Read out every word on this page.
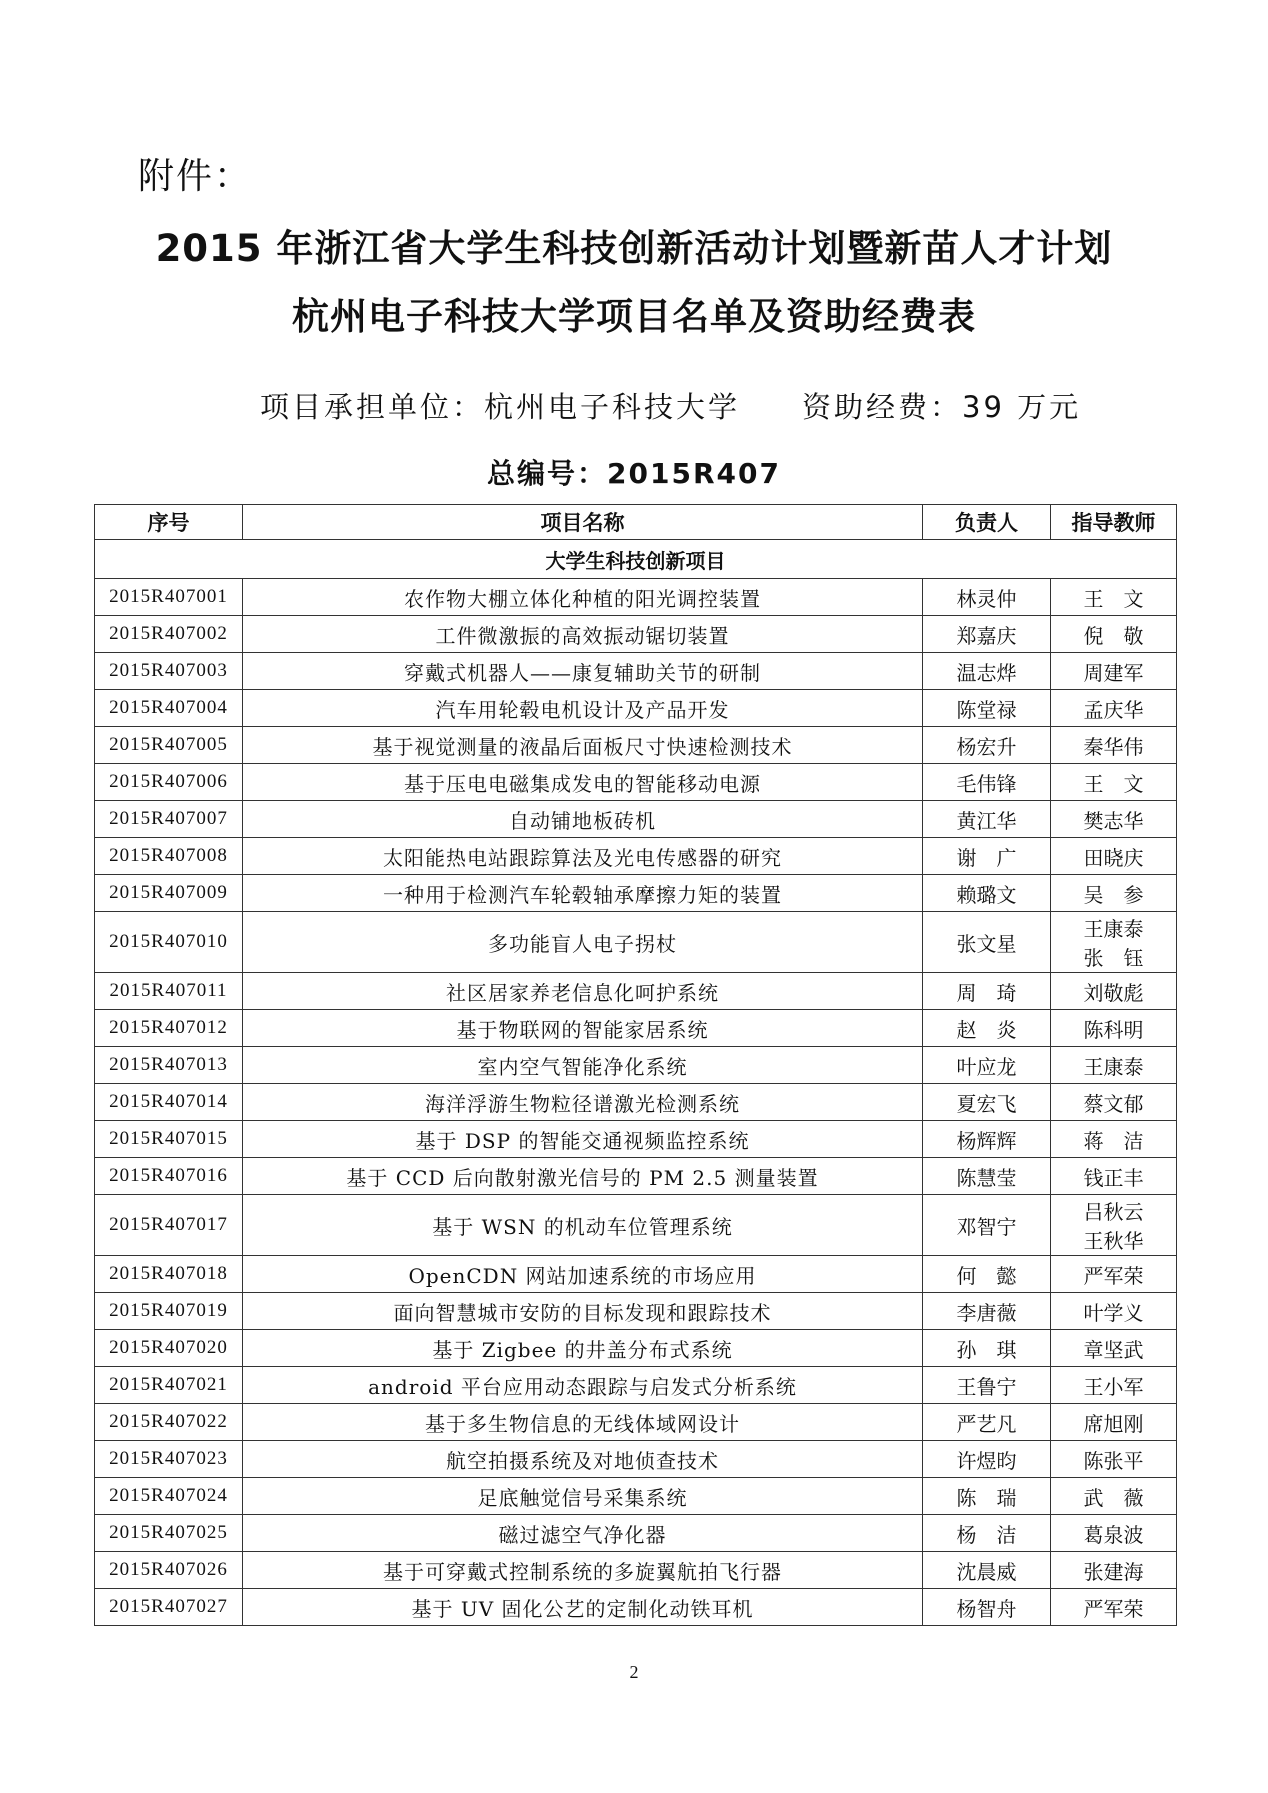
附件：
2015 年浙江省大学生科技创新活动计划暨新苗人才计划
杭州电子科技大学项目名单及资助经费表
项目承担单位：杭州电子科技大学 资助经费：39 万元
总编号：2015R407
序号	项目名称	负责人	指导教师
大学生科技创新项目			
2015R407001	农作物大棚立体化种植的阳光调控装置	林灵仲	王　文
2015R407002	工件微激振的高效振动锯切装置	郑嘉庆	倪　敬
2015R407003	穿戴式机器人——康复辅助关节的研制	温志烨	周建军
2015R407004	汽车用轮毂电机设计及产品开发	陈堂禄	孟庆华
2015R407005	基于视觉测量的液晶后面板尺寸快速检测技术	杨宏升	秦华伟
2015R407006	基于压电电磁集成发电的智能移动电源	毛伟锋	王　文
2015R407007	自动铺地板砖机	黄江华	樊志华
2015R407008	太阳能热电站跟踪算法及光电传感器的研究	谢　广	田晓庆
2015R407009	一种用于检测汽车轮毂轴承摩擦力矩的装置	赖璐文	吴　参
2015R407010	多功能盲人电子拐杖	张文星	王康泰
张　钰

2015R407011	社区居家养老信息化呵护系统	周　琦	刘敬彪
2015R407012	基于物联网的智能家居系统	赵　炎	陈科明
2015R407013	室内空气智能净化系统	叶应龙	王康泰
2015R407014	海洋浮游生物粒径谱激光检测系统	夏宏飞	蔡文郁
2015R407015	基于 DSP 的智能交通视频监控系统	杨辉辉	蒋　洁
2015R407016	基于 CCD 后向散射激光信号的 PM 2.5 测量装置	陈慧莹	钱正丰
2015R407017	基于 WSN 的机动车位管理系统	邓智宁	吕秋云
王秋华

2015R407018	OpenCDN 网站加速系统的市场应用	何　懿	严军荣
2015R407019	面向智慧城市安防的目标发现和跟踪技术	李唐薇	叶学义
2015R407020	基于 Zigbee 的井盖分布式系统	孙　琪	章坚武
2015R407021	android 平台应用动态跟踪与启发式分析系统	王鲁宁	王小军
2015R407022	基于多生物信息的无线体域网设计	严艺凡	席旭刚
2015R407023	航空拍摄系统及对地侦查技术	许煜昀	陈张平
2015R407024	足底触觉信号采集系统	陈　瑞	武　薇
2015R407025	磁过滤空气净化器	杨　洁	葛泉波
2015R407026	基于可穿戴式控制系统的多旋翼航拍飞行器	沈晨威	张建海
2015R407027	基于 UV 固化公艺的定制化动铁耳机	杨智舟	严军荣
2
